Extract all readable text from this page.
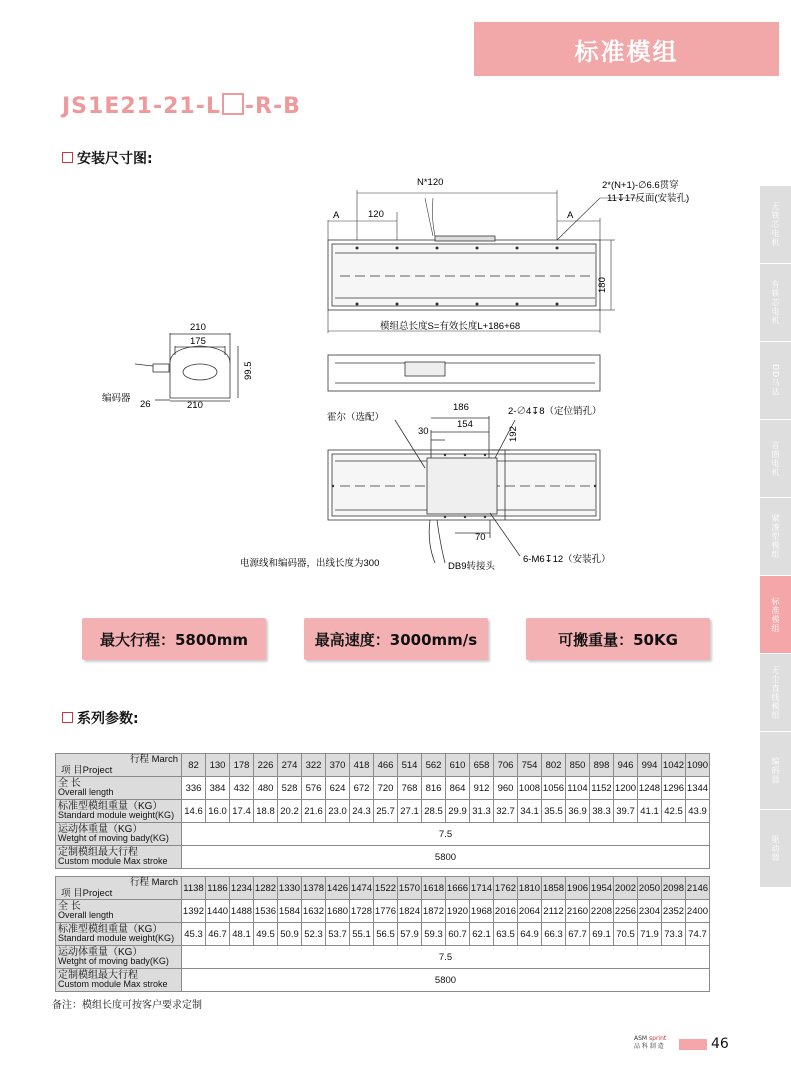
标准模组
JS1E21-21-L -R-B
安装尺寸图:
无铁芯电机
有铁芯电机
DD马达
音圈电机
紧凑型模组
标准模组
无尘直线模组
编码器
驱动器
N*120
A	120	A
2*(N+1)-∅6.6贯穿
11↧17反面(安装孔)
180
模组总长度S=有效长度L+186+68
210
175
99.5
编码器
26	210
霍尔（选配）
186
154
30
2-∅4↧8（定位销孔）
192
70
6-M6↧12（安装孔）
电源线和编码器，出线长度为300	DB9转接头
最大行程：5800mm	最高速度：3000mm/s	可搬重量：50KG
系列参数:
项 目Project
行程 March	82	130	178	226	274	322	370	418	466	514	562	610	658	706	754	802	850	898	946	994	1042	1090
全 长
Overall length	336	384	432	480	528	576	624	672	720	768	816	864	912	960	1008	1056	1104	1152	1200	1248	1296	1344
标准型模组重量（KG）
Standard module weight(KG)	14.6	16.0	17.4	18.8	20.2	21.6	23.0	24.3	25.7	27.1	28.5	29.9	31.3	32.7	34.1	35.5	36.9	38.3	39.7	41.1	42.5	43.9
运动体重量（KG）
Wetght of moving bady(KG)	7.5																					
定制模组最大行程
Custom module Max stroke	5800																					
项 目Project
行程 March	1138	1186	1234	1282	1330	1378	1426	1474	1522	1570	1618	1666	1714	1762	1810	1858	1906	1954	2002	2050	2098	2146
全 长
Overall length	1392	1440	1488	1536	1584	1632	1680	1728	1776	1824	1872	1920	1968	2016	2064	2112	2160	2208	2256	2304	2352	2400
标准型模组重量（KG）
Standard module weight(KG)	45.3	46.7	48.1	49.5	50.9	52.3	53.7	55.1	56.5	57.9	59.3	60.7	62.1	63.5	64.9	66.3	67.7	69.1	70.5	71.9	73.3	74.7
运动体重量（KG）
Wetght of moving bady(KG)	7.5																					
定制模组最大行程
Custom module Max stroke	5800																					
备注：模组长度可按客户要求定制
ASM sprint
品 科 制 造	46
